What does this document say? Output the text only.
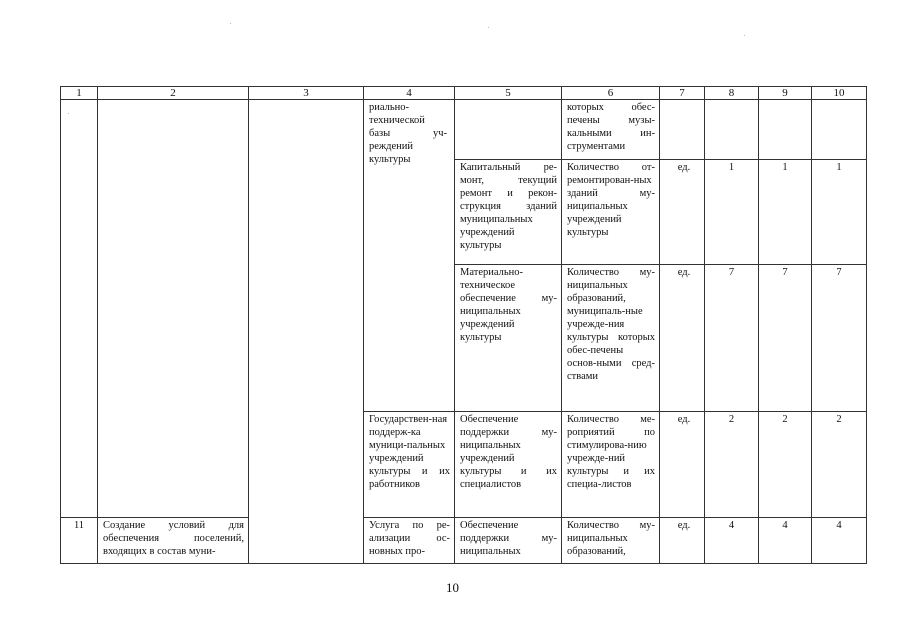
1	2	3	4	5	6	7	8	9	10

			риально-технической базы уч-реждений культуры		которых обес-печены музы-кальными ин-струментами				

				Капитальный ре-монт, текущий ремонт и рекон-струкция зданий муниципальных учреждений культуры	Количество от-ремонтирован-ных зданий му-ниципальных учреждений культуры	ед.	1	1	1

				Материально-техническое обеспечение му-ниципальных учреждений культуры	Количество му-ниципальных образований, муниципаль-ные учрежде-ния культуры которых обес-печены основ-ными сред-ствами	ед.	7	7	7

			Государствен-ная поддерж-ка муници-пальных учреждений культуры и их работников	Обеспечение поддержки му-ниципальных учреждений культуры и их специалистов	Количество ме-роприятий по стимулирова-нию учрежде-ний культуры и их специа-листов	ед.	2	2	2

11	Создание условий для обеспечения поселений, входящих в состав муни-		Услуга по ре-ализации ос-новных про-	Обеспечение поддержки му-ниципальных	Количество му-ниципальных образований,	ед.	4	4	4
10
